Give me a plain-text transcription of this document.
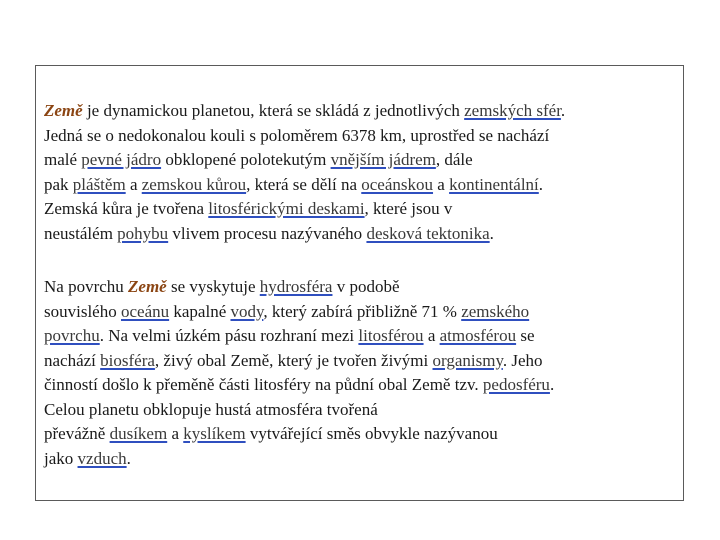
Země je dynamickou planetou, která se skládá z jednotlivých zemských sfér.
Jedná se o nedokonalou kouli s poloměrem 6378 km, uprostřed se nachází
malé pevné jádro obklopené polotekutým vnějším jádrem, dále
pak pláštěm a zemskou kůrou, která se dělí na oceánskou a kontinentální.
Zemská kůra je tvořena litosférickými deskami, které jsou v
neustálém pohybu vlivem procesu nazývaného desková tektonika.
Na povrchu Země se vyskytuje hydrosféra v podobě
souvislého oceánu kapalné vody, který zabírá přibližně 71 % zemského
povrchu. Na velmi úzkém pásu rozhraní mezi litosférou a atmosférou se
nachází biosféra, živý obal Země, který je tvořen živými organismy. Jeho
činností došlo k přeměně části litosféry na půdní obal Země tzv. pedosféru.
Celou planetu obklopuje hustá atmosféra tvořená
převážně dusíkem a kyslíkem vytvářející směs obvykle nazývanou
jako vzduch.
